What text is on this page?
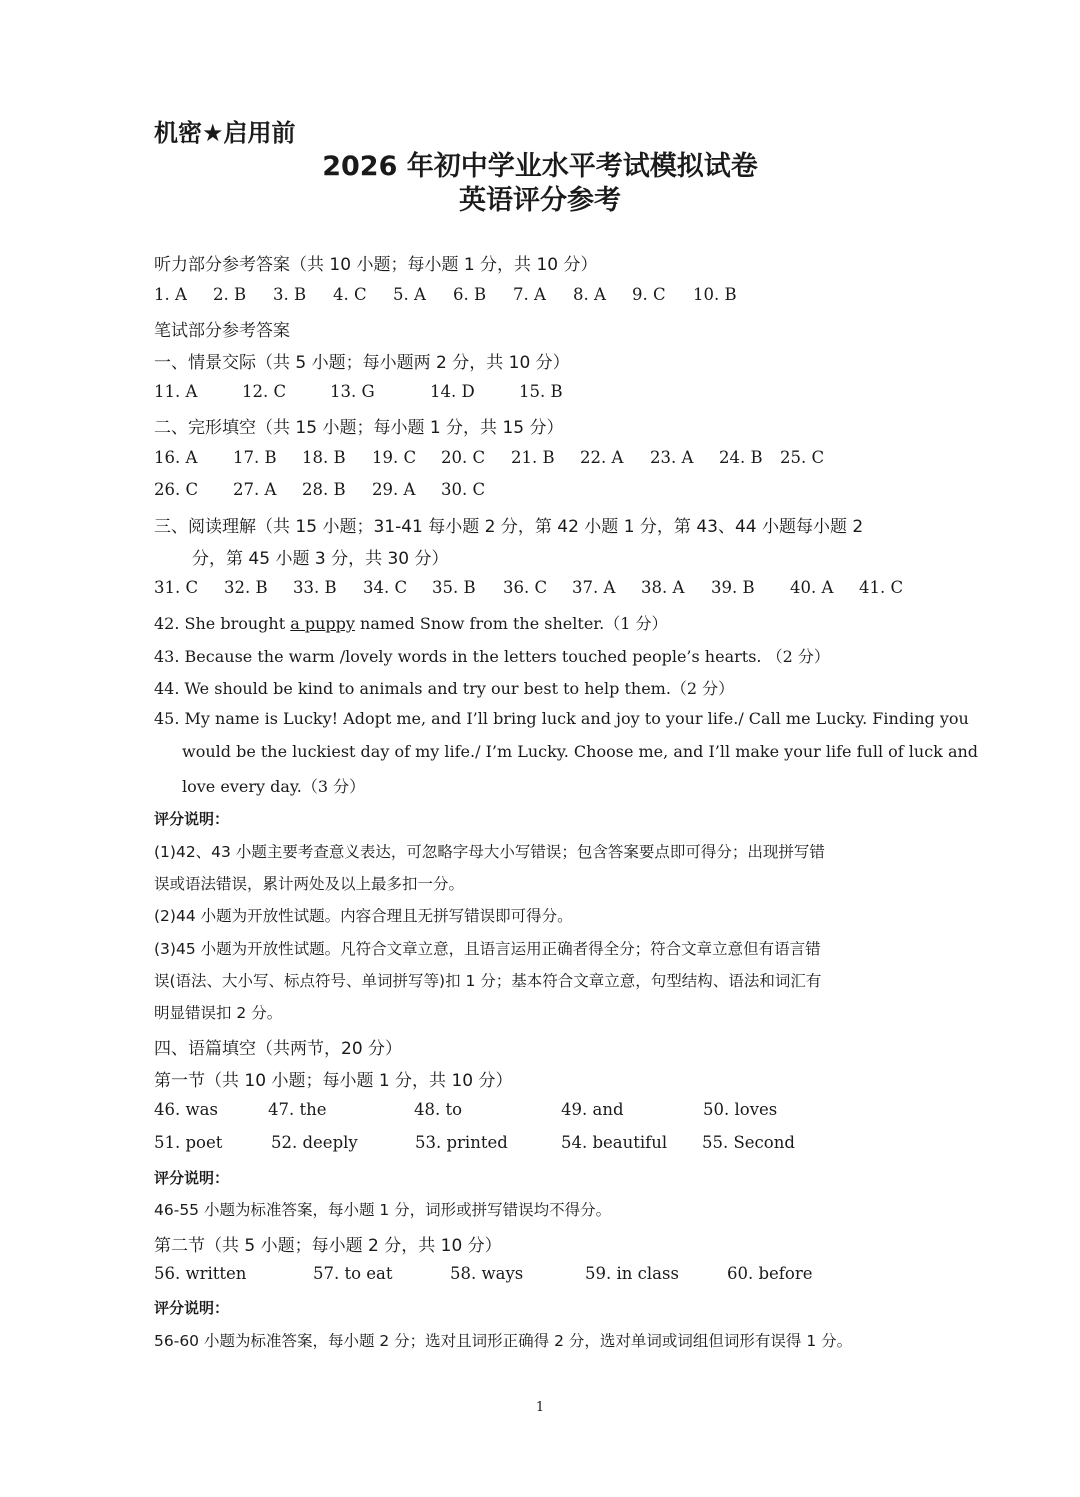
机密★启用前
2026 年初中学业水平考试模拟试卷
英语评分参考
听力部分参考答案（共 10 小题；每小题 1 分，共 10 分）
1. A 2. B 3. B 4. C 5. A 6. B 7. A 8. A 9. C 10. B
笔试部分参考答案
一、情景交际（共 5 小题；每小题两 2 分，共 10 分）
11. A	12. C	13. G	14. D	15. B
二、完形填空（共 15 小题；每小题 1 分，共 15 分）
16. A 17. B 18. B 19. C 20. C 21. B 22. A 23. A 24. B 25. C
26. C 27. A 28. B 29. A 30. C
三、阅读理解（共 15 小题；31-41 每小题 2 分，第 42 小题 1 分，第 43、44 小题每小题 2
分，第 45 小题 3 分，共 30 分）
31. C 32. B 33. B 34. C 35. B 36. C 37. A 38. A 39. B 40. A 41. C
42. She brought a puppy named Snow from the shelter.（1 分）
43. Because the warm /lovely words in the letters touched people’s hearts. （2 分）
44. We should be kind to animals and try our best to help them.（2 分）
45. My name is Lucky! Adopt me, and I’ll bring luck and joy to your life./ Call me Lucky. Finding you
would be the luckiest day of my life./ I’m Lucky. Choose me, and I’ll make your life full of luck and
love every day.（3 分）
评分说明：
(1)42、43 小题主要考查意义表达，可忽略字母大小写错误；包含答案要点即可得分；出现拼写错
误或语法错误，累计两处及以上最多扣一分。
(2)44 小题为开放性试题。内容合理且无拼写错误即可得分。
(3)45 小题为开放性试题。凡符合文章立意，且语言运用正确者得全分；符合文章立意但有语言错
误(语法、大小写、标点符号、单词拼写等)扣 1 分；基本符合文章立意，句型结构、语法和词汇有
明显错误扣 2 分。
四、语篇填空（共两节，20 分）
第一节（共 10 小题；每小题 1 分，共 10 分）
46. was	47. the	48. to	49. and	50. loves
51. poet	52. deeply	53. printed	54. beautiful 55. Second
评分说明：
46-55 小题为标准答案，每小题 1 分，词形或拼写错误均不得分。
第二节（共 5 小题；每小题 2 分，共 10 分）
56. written	57. to eat	58. ways	59. in class	60. before
评分说明：
56-60 小题为标准答案，每小题 2 分；选对且词形正确得 2 分，选对单词或词组但词形有误得 1 分。
1
